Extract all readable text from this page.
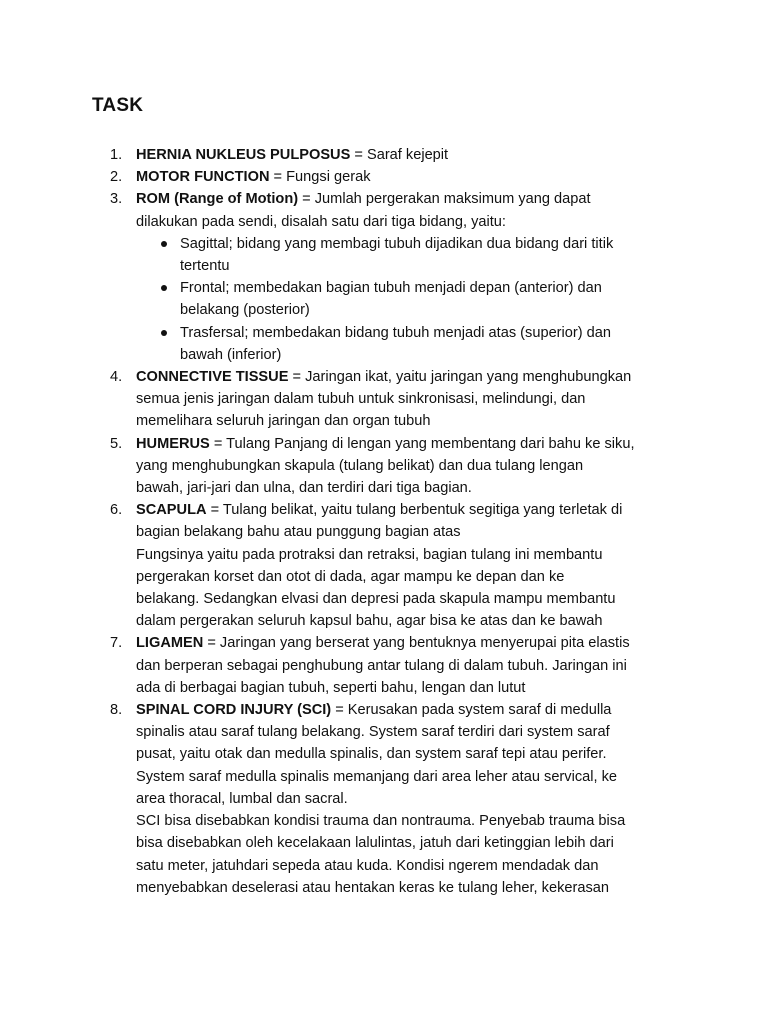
TASK
1. HERNIA NUKLEUS PULPOSUS = Saraf kejepit
2. MOTOR FUNCTION = Fungsi gerak
3. ROM (Range of Motion) = Jumlah pergerakan maksimum yang dapat
dilakukan pada sendi, disalah satu dari tiga bidang, yaitu:
Sagittal; bidang yang membagi tubuh dijadikan dua bidang dari titik
tertentu
Frontal; membedakan bagian tubuh menjadi depan (anterior) dan
belakang (posterior)
Trasfersal; membedakan bidang tubuh menjadi atas (superior) dan
bawah (inferior)
4. CONNECTIVE TISSUE = Jaringan ikat, yaitu jaringan yang menghubungkan
semua jenis jaringan dalam tubuh untuk sinkronisasi, melindungi, dan
memelihara seluruh jaringan dan organ tubuh
5. HUMERUS = Tulang Panjang di lengan yang membentang dari bahu ke siku,
yang menghubungkan skapula (tulang belikat) dan dua tulang lengan
bawah, jari-jari dan ulna, dan terdiri dari tiga bagian.
6. SCAPULA = Tulang belikat, yaitu tulang berbentuk segitiga yang terletak di
bagian belakang bahu atau punggung bagian atas
Fungsinya yaitu pada protraksi dan retraksi, bagian tulang ini membantu
pergerakan korset dan otot di dada, agar mampu ke depan dan ke
belakang. Sedangkan elvasi dan depresi pada skapula mampu membantu
dalam pergerakan seluruh kapsul bahu, agar bisa ke atas dan ke bawah
7. LIGAMEN = Jaringan yang berserat yang bentuknya menyerupai pita elastis
dan berperan sebagai penghubung antar tulang di dalam tubuh. Jaringan ini
ada di berbagai bagian tubuh, seperti bahu, lengan dan lutut
8. SPINAL CORD INJURY (SCI) = Kerusakan pada system saraf di medulla
spinalis atau saraf tulang belakang. System saraf terdiri dari system saraf
pusat, yaitu otak dan medulla spinalis, dan system saraf tepi atau perifer.
System saraf medulla spinalis memanjang dari area leher atau servical, ke
area thoracal, lumbal dan sacral.
SCI bisa disebabkan kondisi trauma dan nontrauma. Penyebab trauma bisa
bisa disebabkan oleh kecelakaan lalulintas, jatuh dari ketinggian lebih dari
satu meter, jatuhdari sepeda atau kuda. Kondisi ngerem mendadak dan
menyebabkan deselerasi atau hentakan keras ke tulang leher, kekerasan
